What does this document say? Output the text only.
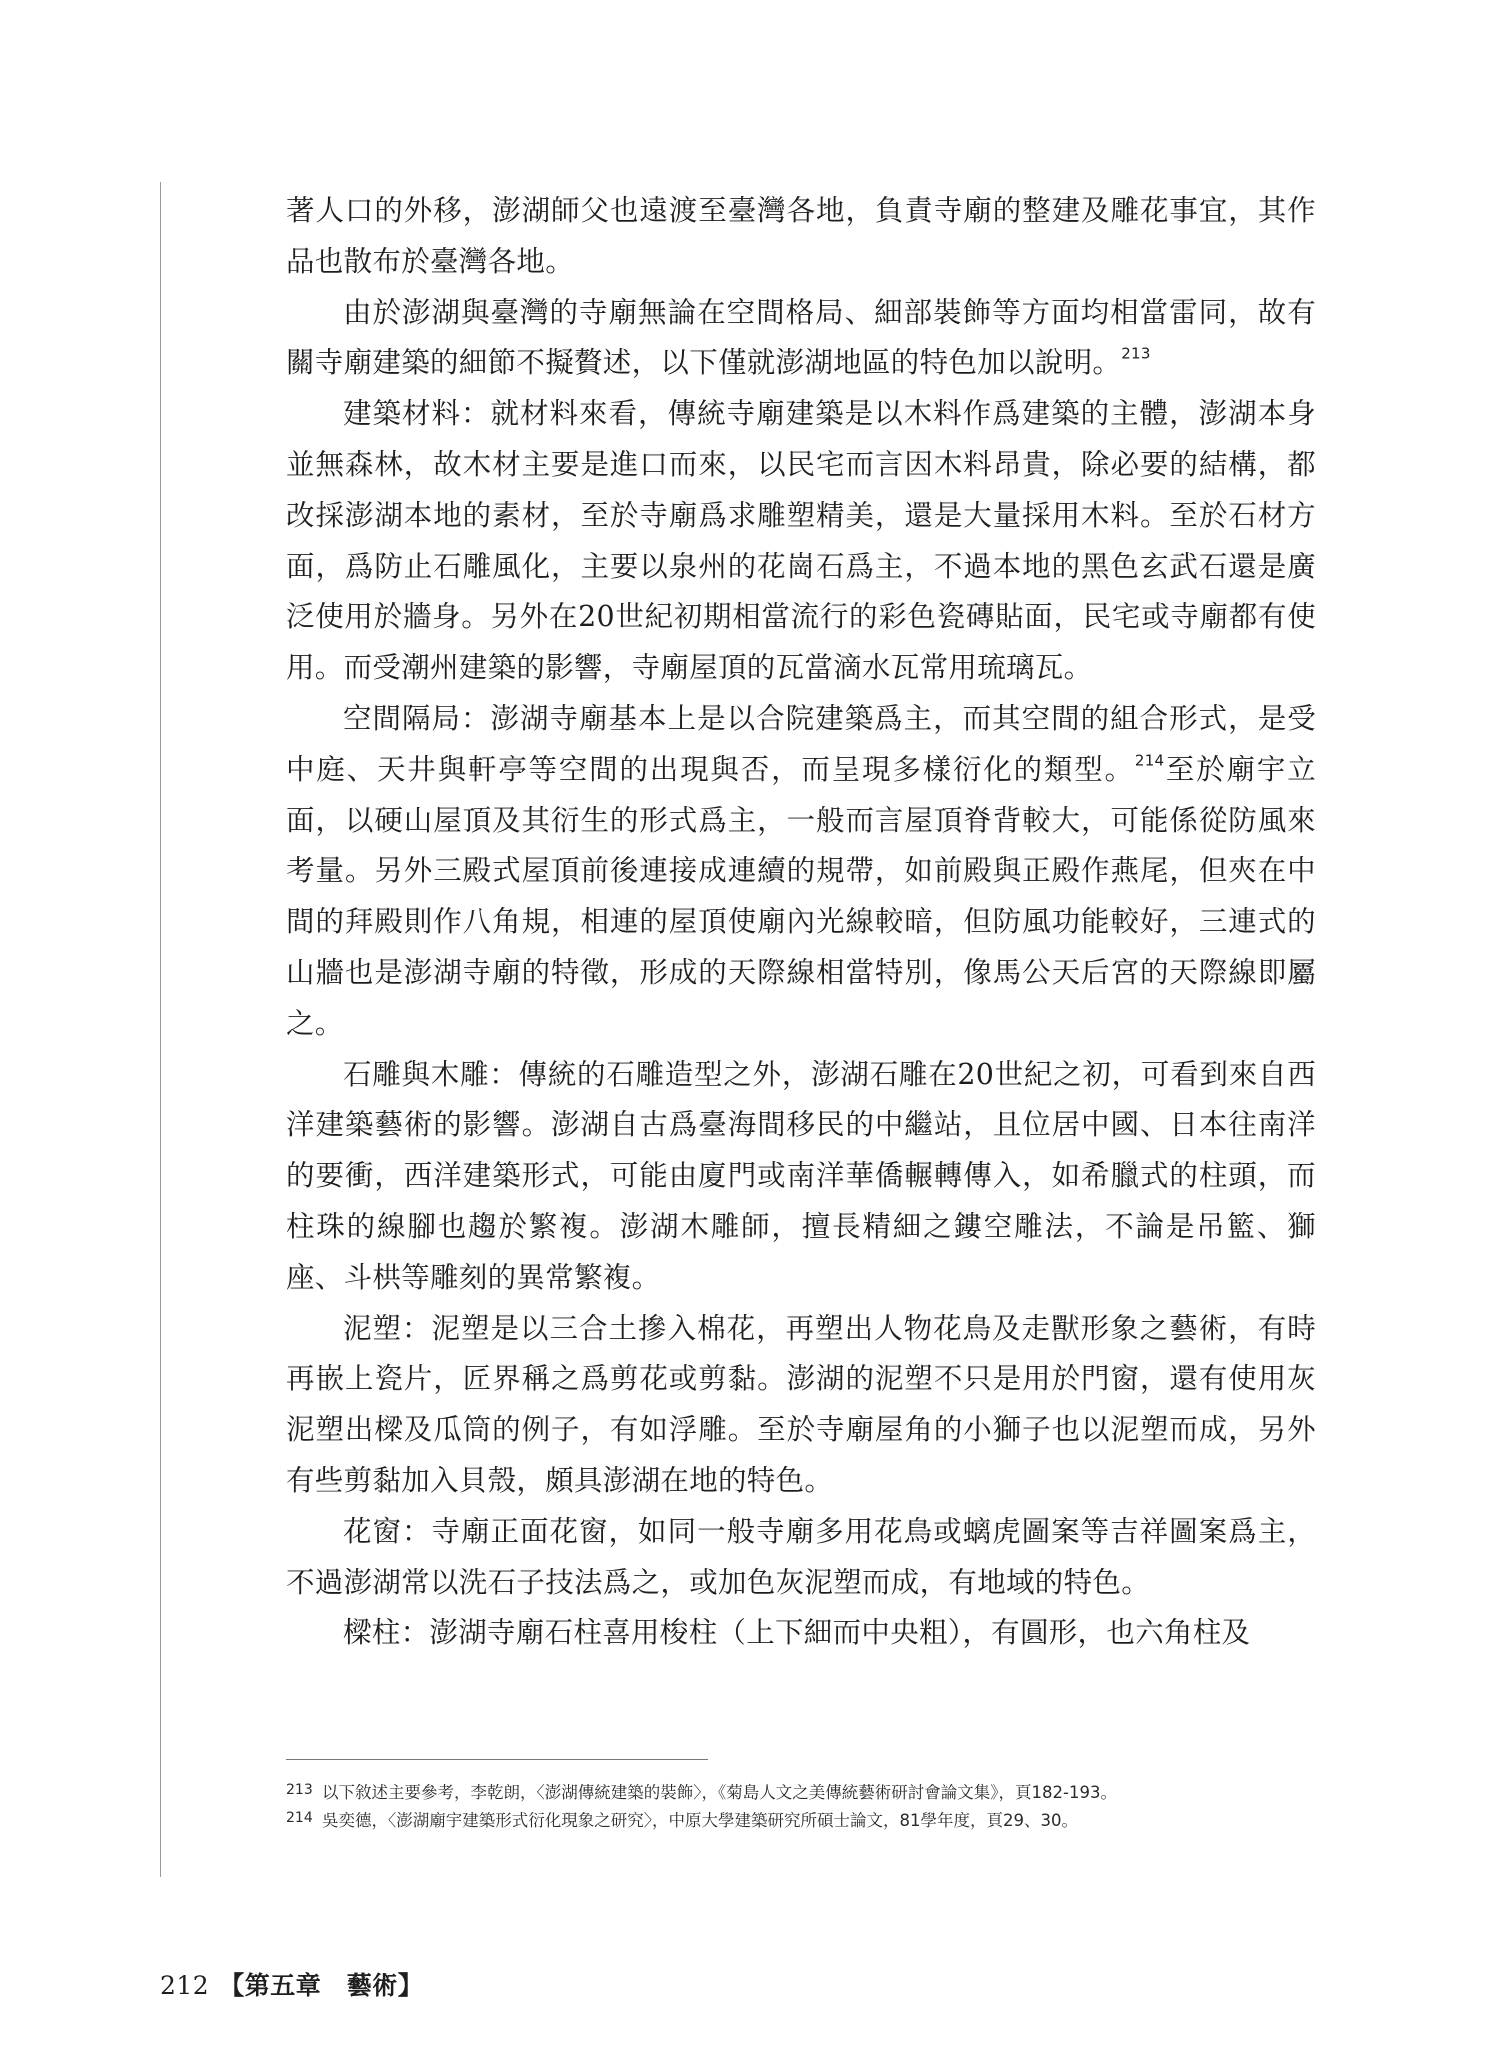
著人口的外移，澎湖師父也遠渡至臺灣各地，負責寺廟的整建及雕花事宜，其作品也散布於臺灣各地。

由於澎湖與臺灣的寺廟無論在空間格局、細部裝飾等方面均相當雷同，故有關寺廟建築的細節不擬贅述，以下僅就澎湖地區的特色加以說明。$^{213}$

建築材料：就材料來看，傳統寺廟建築是以木料作爲建築的主體，澎湖本身並無森林，故木材主要是進口而來，以民宅而言因木料昂貴，除必要的結構，都改採澎湖本地的素材，至於寺廟爲求雕塑精美，還是大量採用木料。至於石材方面，爲防止石雕風化，主要以泉州的花崗石爲主，不過本地的黑色玄武石還是廣泛使用於牆身。另外在20世紀初期相當流行的彩色瓷磚貼面，民宅或寺廟都有使用。而受潮州建築的影響，寺廟屋頂的瓦當滴水瓦常用琉璃瓦。

空間隔局：澎湖寺廟基本上是以合院建築爲主，而其空間的組合形式，是受中庭、天井與軒亭等空間的出現與否，而呈現多樣衍化的類型。$^{214}$至於廟宇立面，以硬山屋頂及其衍生的形式爲主，一般而言屋頂脊背較大，可能係從防風來考量。另外三殿式屋頂前後連接成連續的規帶，如前殿與正殿作燕尾，但夾在中間的拜殿則作八角規，相連的屋頂使廟內光線較暗，但防風功能較好，三連式的山牆也是澎湖寺廟的特徵，形成的天際線相當特別，像馬公天后宮的天際線即屬之。

石雕與木雕：傳統的石雕造型之外，澎湖石雕在20世紀之初，可看到來自西洋建築藝術的影響。澎湖自古爲臺海間移民的中繼站，且位居中國、日本往南洋的要衝，西洋建築形式，可能由廈門或南洋華僑輾轉傳入，如希臘式的柱頭，而柱珠的線腳也趨於繁複。澎湖木雕師，擅長精細之鏤空雕法，不論是吊籃、獅座、斗栱等雕刻的異常繁複。

泥塑：泥塑是以三合土摻入棉花，再塑出人物花鳥及走獸形象之藝術，有時再嵌上瓷片，匠界稱之爲剪花或剪黏。澎湖的泥塑不只是用於門窗，還有使用灰泥塑出樑及瓜筒的例子，有如浮雕。至於寺廟屋角的小獅子也以泥塑而成，另外有些剪黏加入貝殼，頗具澎湖在地的特色。

花窗：寺廟正面花窗，如同一般寺廟多用花鳥或螭虎圖案等吉祥圖案爲主，不過澎湖常以洗石子技法爲之，或加色灰泥塑而成，有地域的特色。

樑柱：澎湖寺廟石柱喜用梭柱（上下細而中央粗），有圓形，也六角柱及

213 以下敘述主要參考，李乾朗，〈澎湖傳統建築的裝飾〉，《菊島人文之美傳統藝術研討會論文集》，頁182-193。

214 吳奕德，〈澎湖廟宇建築形式衍化現象之研究〉，中原大學建築研究所碩士論文，81學年度，頁29、30。

212 【第五章　藝術】
